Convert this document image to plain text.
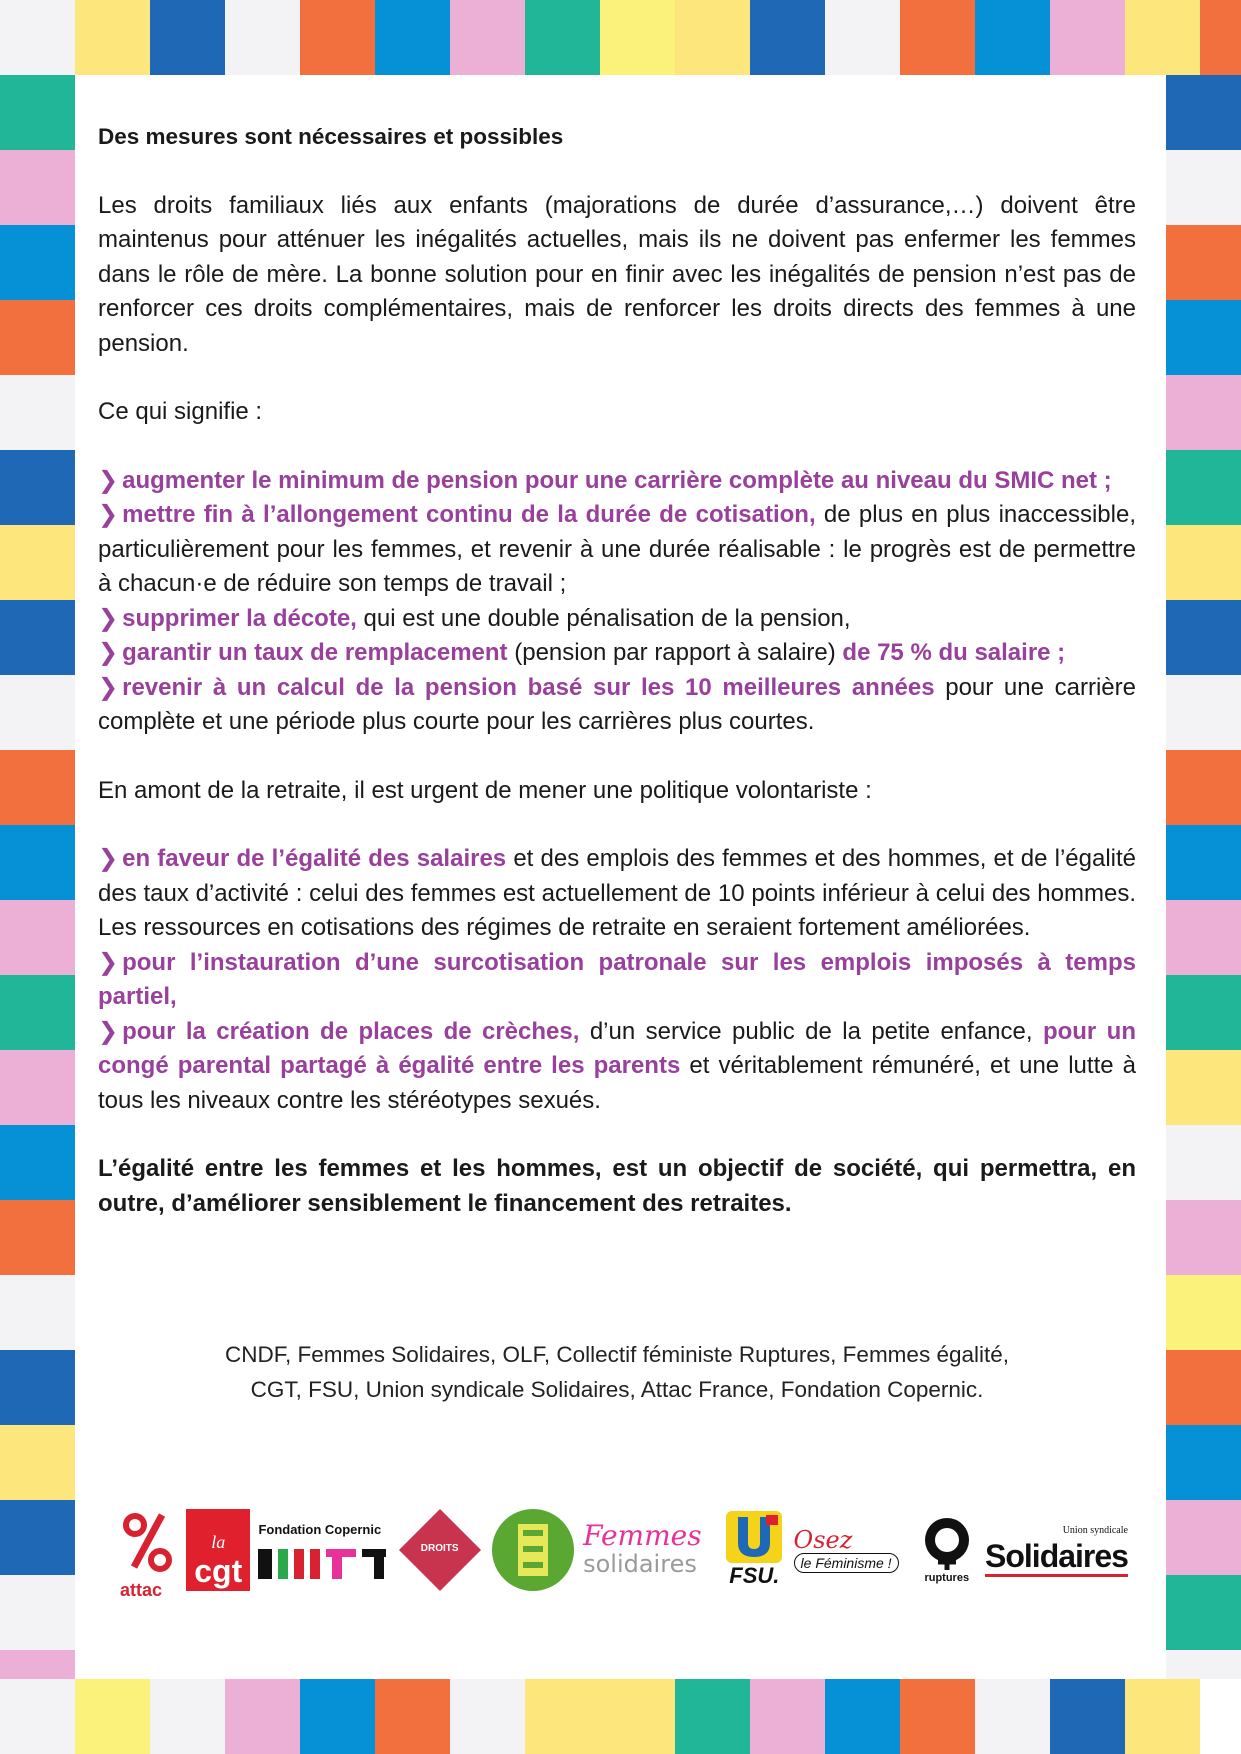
Des mesures sont nécessaires et possibles

Les droits familiaux liés aux enfants (majorations de durée d’assurance,…) doivent être maintenus pour atténuer les inégalités actuelles, mais ils ne doivent pas enfermer les femmes dans le rôle de mère. La bonne solution pour en finir avec les inégalités de pension n’est pas de renforcer ces droits complémentaires, mais de renforcer les droits directs des femmes à une pension.

Ce qui signifie :

❯ augmenter le minimum de pension pour une carrière complète au niveau du SMIC net ;
❯ mettre fin à l’allongement continu de la durée de cotisation, de plus en plus inaccessible, particulièrement pour les femmes, et revenir à une durée réalisable : le progrès est de permettre à chacun·e de réduire son temps de travail ;
❯ supprimer la décote, qui est une double pénalisation de la pension,
❯ garantir un taux de remplacement (pension par rapport à salaire) de 75 % du salaire ;
❯ revenir à un calcul de la pension basé sur les 10 meilleures années pour une carrière complète et une période plus courte pour les carrières plus courtes.

En amont de la retraite, il est urgent de mener une politique volontariste :

❯ en faveur de l’égalité des salaires et des emplois des femmes et des hommes, et de l’égalité des taux d’activité : celui des femmes est actuellement de 10 points inférieur à celui des hommes. Les ressources en cotisations des régimes de retraite en seraient fortement améliorées.
❯ pour l’instauration d’une surcotisation patronale sur les emplois imposés à temps partiel,
❯ pour la création de places de crèches, d’un service public de la petite enfance, pour un congé parental partagé à égalité entre les parents et véritablement rémunéré, et une lutte à tous les niveaux contre les stéréotypes sexués.

L’égalité entre les femmes et les hommes, est un objectif de société, qui permettra, en outre, d’améliorer sensiblement le financement des retraites.

CNDF, Femmes Solidaires, OLF, Collectif féministe Ruptures, Femmes égalité,
CGT, FSU, Union syndicale Solidaires, Attac France, Fondation Copernic.
attac
la
cgt
Fondation Copernic
DROITS	Femmes
solidaires FSU.
Osez
le Féminisme !
ruptures
Union syndicale
Solidaires
